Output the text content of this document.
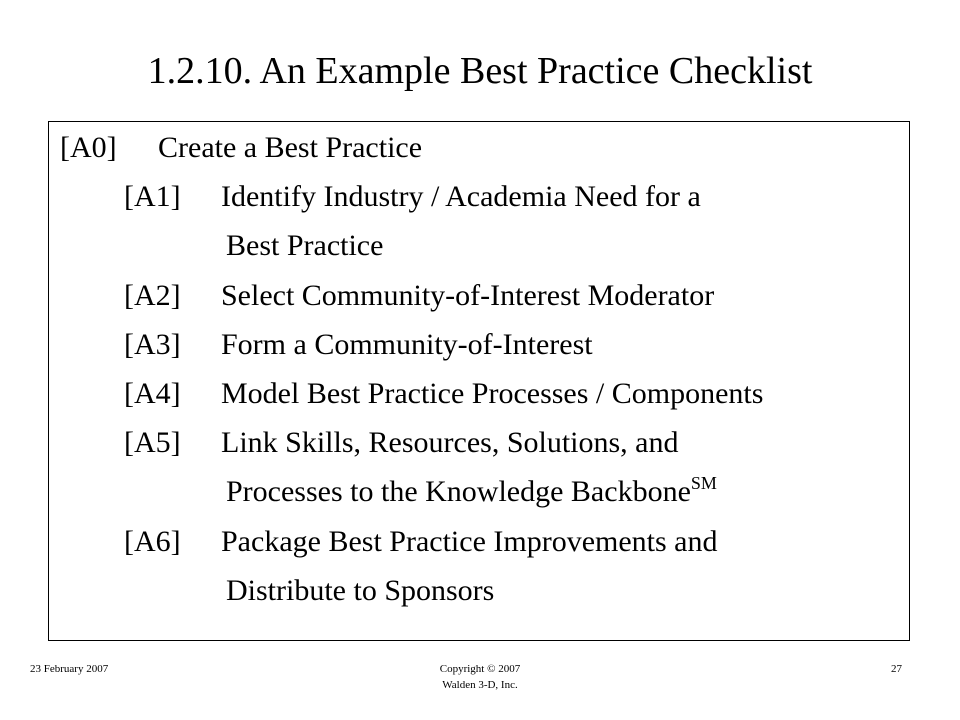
1.2.10. An Example Best Practice Checklist
[A0] Create a Best Practice
[A1] Identify Industry / Academia Need for a
Best Practice
[A2] Select Community-of-Interest Moderator
[A3] Form a Community-of-Interest
[A4] Model Best Practice Processes / Components
[A5] Link Skills, Resources, Solutions, and
Processes to the Knowledge Backbone℠
[A6] Package Best Practice Improvements and
Distribute to Sponsors
23 February 2007	Copyright © 2007
Walden 3-D, Inc.
27
